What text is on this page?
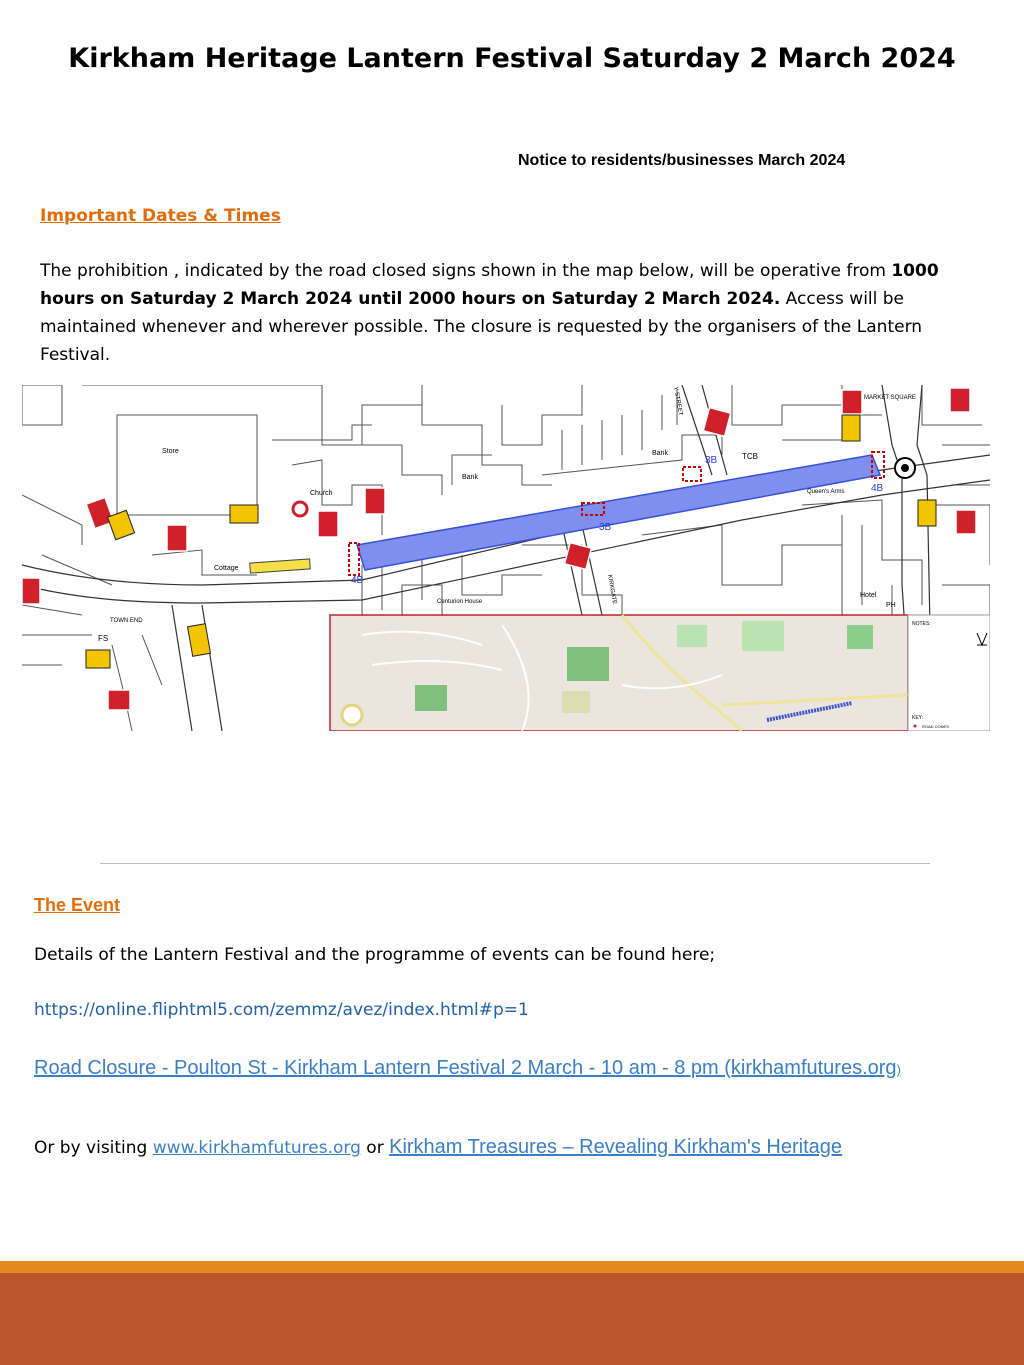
Kirkham Heritage Lantern Festival Saturday 2 March 2024
Notice to residents/businesses March 2024
Important Dates & Times
The prohibition , indicated by the road closed signs shown in the map below, will be operative from 1000 hours on Saturday 2 March 2024 until 2000 hours on Saturday 2 March 2024. Access will be maintained whenever and wherever possible. The closure is requested by the organisers of the Lantern Festival.
Store
Church
Bank
Bank	TCB
Cottage
TOWN END
MARKET SQUARE
KIRKGATE
Centurion House
Hotel
PH
Queen's Arms
Y STREET
FS
3B
3B
4B
4B
NOTES:
KEY:
ROAD CONES
The Event
Details of the Lantern Festival and the programme of events can be found here;
https://online.fliphtml5.com/zemmz/avez/index.html#p=1
Road Closure - Poulton St - Kirkham Lantern Festival 2 March - 10 am - 8 pm (kirkhamfutures.org)
Or by visiting www.kirkhamfutures.org or Kirkham Treasures – Revealing Kirkham's Heritage
